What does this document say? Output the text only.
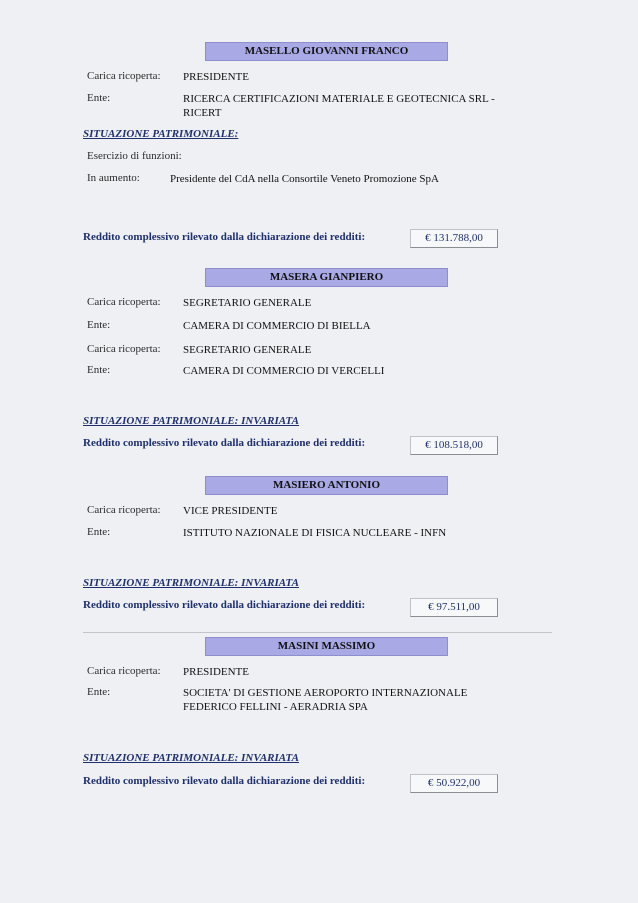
MASELLO GIOVANNI FRANCO
Carica ricoperta: PRESIDENTE
Ente:	RICERCA CERTIFICAZIONI MATERIALE E GEOTECNICA SRL -
RICERT
SITUAZIONE PATRIMONIALE:
Esercizio di funzioni:
In aumento:	Presidente del CdA nella Consortile Veneto Promozione SpA
Reddito complessivo rilevato dalla dichiarazione dei redditi:	€ 131.788,00
MASERA GIANPIERO
Carica ricoperta: SEGRETARIO GENERALE
Ente:	CAMERA DI COMMERCIO DI BIELLA
Carica ricoperta: SEGRETARIO GENERALE
Ente:	CAMERA DI COMMERCIO DI VERCELLI
SITUAZIONE PATRIMONIALE: INVARIATA
Reddito complessivo rilevato dalla dichiarazione dei redditi:	€ 108.518,00
MASIERO ANTONIO
Carica ricoperta: VICE PRESIDENTE
Ente:	ISTITUTO NAZIONALE DI FISICA NUCLEARE - INFN
SITUAZIONE PATRIMONIALE: INVARIATA
Reddito complessivo rilevato dalla dichiarazione dei redditi:	€ 97.511,00
MASINI MASSIMO
Carica ricoperta: PRESIDENTE
Ente:	SOCIETA' DI GESTIONE AEROPORTO INTERNAZIONALE
FEDERICO FELLINI - AERADRIA SPA
SITUAZIONE PATRIMONIALE: INVARIATA
Reddito complessivo rilevato dalla dichiarazione dei redditi:	€ 50.922,00
